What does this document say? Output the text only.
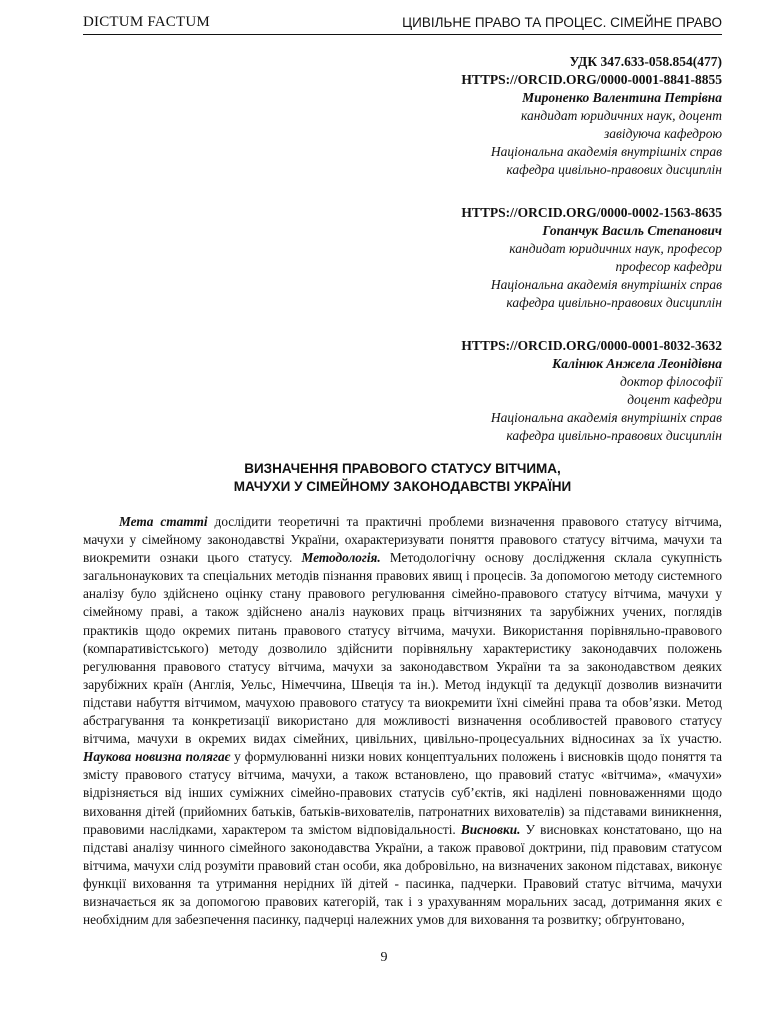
DICTUM FACTUM	ЦИВІЛЬНЕ ПРАВО ТА ПРОЦЕС. СІМЕЙНЕ ПРАВО
УДК 347.633-058.854(477)
HTTPS://ORCID.ORG/0000-0001-8841-8855
Мироненко Валентина Петрівна
кандидат юридичних наук, доцент
завідуюча кафедрою
Національна академія внутрішніх справ
кафедра цивільно-правових дисциплін
HTTPS://ORCID.ORG/0000-0002-1563-8635
Гопанчук Василь Степанович
кандидат юридичних наук, професор
професор кафедри
Національна академія внутрішніх справ
кафедра цивільно-правових дисциплін
HTTPS://ORCID.ORG/0000-0001-8032-3632
Калінюк Анжела Леонідівна
доктор філософії
доцент кафедри
Національна академія внутрішніх справ
кафедра цивільно-правових дисциплін
ВИЗНАЧЕННЯ ПРАВОВОГО СТАТУСУ ВІТЧИМА,
МАЧУХИ У СІМЕЙНОМУ ЗАКОНОДАВСТВІ УКРАЇНИ
Мета статті дослідити теоретичні та практичні проблеми визначення правового статусу вітчима, мачухи у сімейному законодавстві України, охарактеризувати поняття правового статусу вітчима, мачухи та виокремити ознаки цього статусу. Методологія. Методологічну основу дослідження склала сукупність загальнонаукових та спеціальних методів пізнання правових явищ і процесів. За допомогою методу системного аналізу було здійснено оцінку стану правового регулювання сімейно-правового статусу вітчима, мачухи у сімейному праві, а також здійснено аналіз наукових праць вітчизняних та зарубіжних учених, поглядів практиків щодо окремих питань правового статусу вітчима, мачухи. Використання порівняльно-правового (компаративістського) методу дозволило здійснити порівняльну характеристику законодавчих положень регулювання правового статусу вітчима, мачухи за законодавством України та за законодавством деяких зарубіжних країн (Англія, Уельс, Німеччина, Швеція та ін.). Метод індукції та дедукції дозволив визначити підстави набуття вітчимом, мачухою правового статусу та виокремити їхні сімейні права та обов’язки. Метод абстрагування та конкретизації використано для можливості визначення особливостей правового статусу вітчима, мачухи в окремих видах сімейних, цивільних, цивільно-процесуальних відносинах за їх участю. Наукова новизна полягає у формулюванні низки нових концептуальних положень і висновків щодо поняття та змісту правового статусу вітчима, мачухи, а також встановлено, що правовий статус «вітчима», «мачухи» відрізняється від інших суміжних сімейно-правових статусів суб’єктів, які наділені повноваженнями щодо виховання дітей (прийомних батьків, батьків-вихователів, патронатних вихователів) за підставами виникнення, правовими наслідками, характером та змістом відповідальності. Висновки. У висновках констатовано, що на підставі аналізу чинного сімейного законодавства України, а також правової доктрини, під правовим статусом вітчима, мачухи слід розуміти правовий стан особи, яка добровільно, на визначених законом підставах, виконує функції виховання та утримання нерідних їй дітей - пасинка, падчерки. Правовий статус вітчима, мачухи визначається як за допомогою правових категорій, так і з урахуванням моральних засад, дотримання яких є необхідним для забезпечення пасинку, падчерці належних умов для виховання та розвитку; обґрунтовано,
9
